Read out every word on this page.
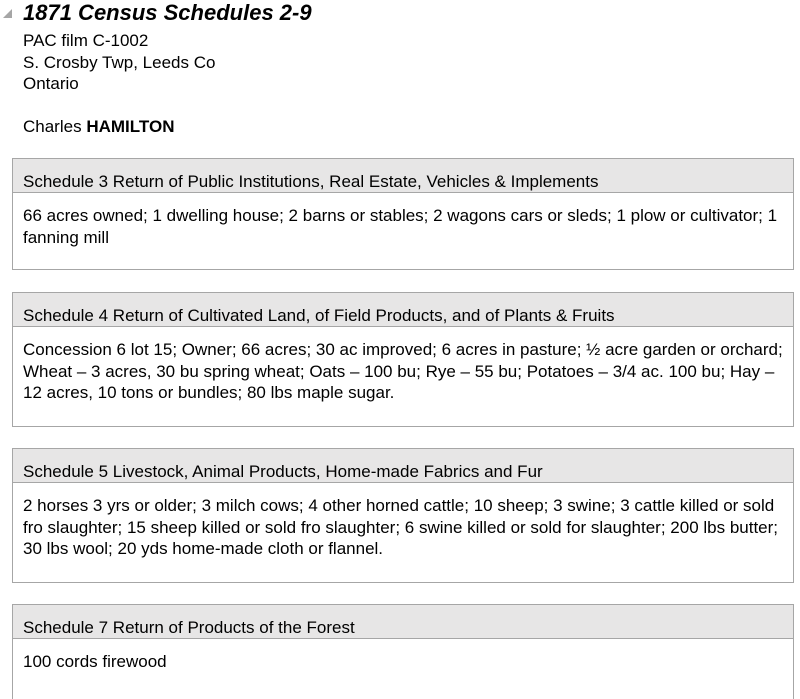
1871 Census Schedules 2-9
PAC film C-1002
S. Crosby Twp, Leeds Co
Ontario
Charles HAMILTON
Schedule 3 Return of Public Institutions, Real Estate, Vehicles & Implements
66 acres owned; 1 dwelling house; 2 barns or stables; 2 wagons cars or sleds; 1 plow or cultivator; 1 fanning mill
Schedule 4 Return of Cultivated Land, of Field Products, and of Plants & Fruits
Concession 6 lot 15; Owner; 66 acres; 30 ac improved; 6 acres in pasture; ½ acre garden or orchard; Wheat – 3 acres, 30 bu spring wheat; Oats – 100 bu; Rye – 55 bu; Potatoes – 3/4 ac. 100 bu; Hay – 12 acres, 10 tons or bundles; 80 lbs maple sugar.
Schedule 5 Livestock, Animal Products, Home-made Fabrics and Fur
2 horses 3 yrs or older; 3 milch cows; 4 other horned cattle; 10 sheep; 3 swine; 3 cattle killed or sold fro slaughter; 15 sheep killed or sold fro slaughter; 6 swine killed or sold for slaughter; 200 lbs butter; 30 lbs wool; 20 yds home-made cloth or flannel.
Schedule 7 Return of Products of the Forest
100 cords firewood
